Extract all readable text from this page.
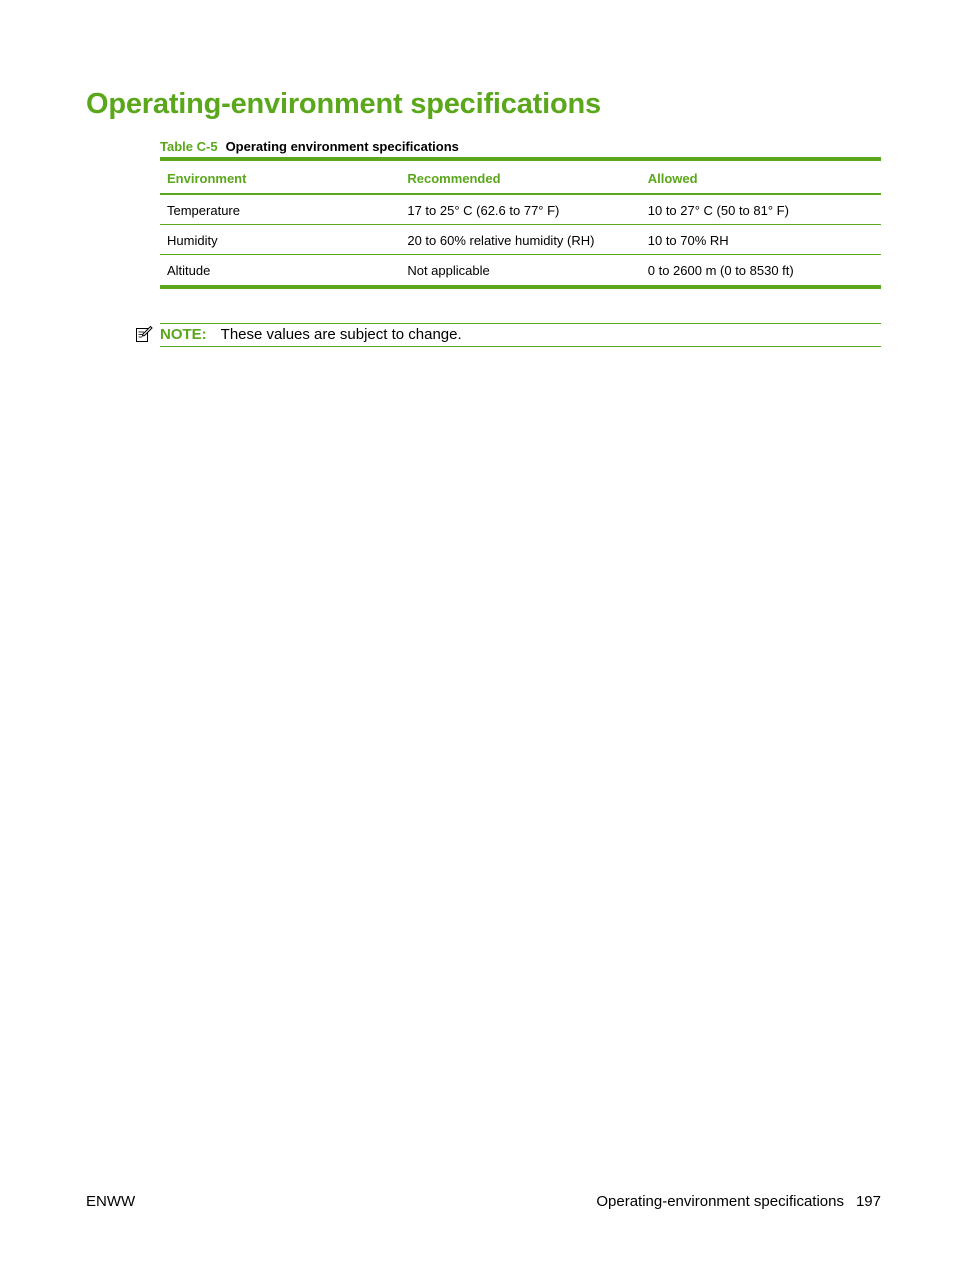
Operating-environment specifications
Table C-5 Operating environment specifications
Environment	Recommended	Allowed
Temperature	17 to 25° C (62.6 to 77° F)	10 to 27° C (50 to 81° F)
Humidity	20 to 60% relative humidity (RH)	10 to 70% RH
Altitude	Not applicable	0 to 2600 m (0 to 8530 ft)
NOTE: These values are subject to change.
ENWW	Operating-environment specifications 197
